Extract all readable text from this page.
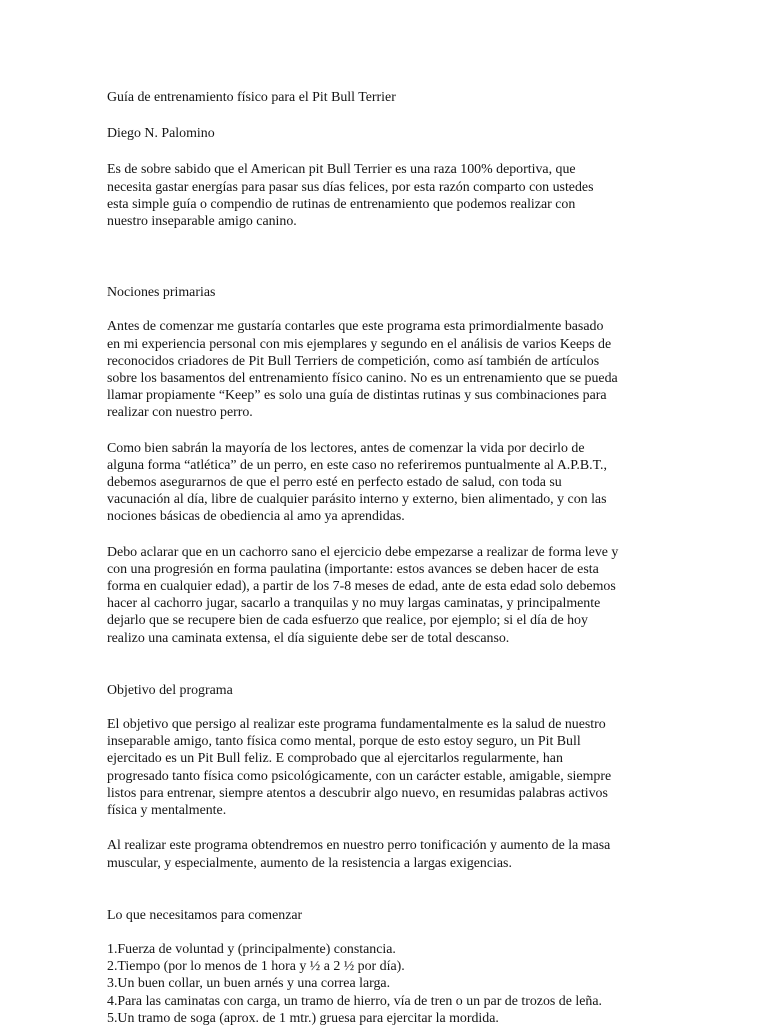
Guía de entrenamiento físico para el Pit Bull Terrier

Diego N. Palomino

Es de sobre sabido que el American pit Bull Terrier es una raza 100% deportiva, que
necesita gastar energías para pasar sus días felices, por esta razón comparto con ustedes
esta simple guía o compendio de rutinas de entrenamiento que podemos realizar con
nuestro inseparable amigo canino.

Nociones primarias

Antes de comenzar me gustaría contarles que este programa esta primordialmente basado
en mi experiencia personal con mis ejemplares y segundo en el análisis de varios Keeps de
reconocidos criadores de Pit Bull Terriers de competición, como así también de artículos
sobre los basamentos del entrenamiento físico canino. No es un entrenamiento que se pueda
llamar propiamente “Keep” es solo una guía de distintas rutinas y sus combinaciones para
realizar con nuestro perro.

Como bien sabrán la mayoría de los lectores, antes de comenzar la vida por decirlo de
alguna forma “atlética” de un perro, en este caso no referiremos puntualmente al A.P.B.T.,
debemos asegurarnos de que el perro esté en perfecto estado de salud, con toda su
vacunación al día, libre de cualquier parásito interno y externo, bien alimentado, y con las
nociones básicas de obediencia al amo ya aprendidas.

Debo aclarar que en un cachorro sano el ejercicio debe empezarse a realizar de forma leve y
con una progresión en forma paulatina (importante: estos avances se deben hacer de esta
forma en cualquier edad), a partir de los 7-8 meses de edad, ante de esta edad solo debemos
hacer al cachorro jugar, sacarlo a tranquilas y no muy largas caminatas, y principalmente
dejarlo que se recupere bien de cada esfuerzo que realice, por ejemplo; si el día de hoy
realizo una caminata extensa, el día siguiente debe ser de total descanso.

Objetivo del programa

El objetivo que persigo al realizar este programa fundamentalmente es la salud de nuestro
inseparable amigo, tanto física como mental, porque de esto estoy seguro, un Pit Bull
ejercitado es un Pit Bull feliz. E comprobado que al ejercitarlos regularmente, han
progresado tanto física como psicológicamente, con un carácter estable, amigable, siempre
listos para entrenar, siempre atentos a descubrir algo nuevo, en resumidas palabras activos
física y mentalmente.

Al realizar este programa obtendremos en nuestro perro tonificación y aumento de la masa
muscular, y especialmente, aumento de la resistencia a largas exigencias.

Lo que necesitamos para comenzar

1.Fuerza de voluntad y (principalmente) constancia.

2.Tiempo (por lo menos de 1 hora y ½ a 2 ½ por día).

3.Un buen collar, un buen arnés y una correa larga.

4.Para las caminatas con carga, un tramo de hierro, vía de tren o un par de trozos de leña.

5.Un tramo de soga (aprox. de 1 mtr.) gruesa para ejercitar la mordida.
